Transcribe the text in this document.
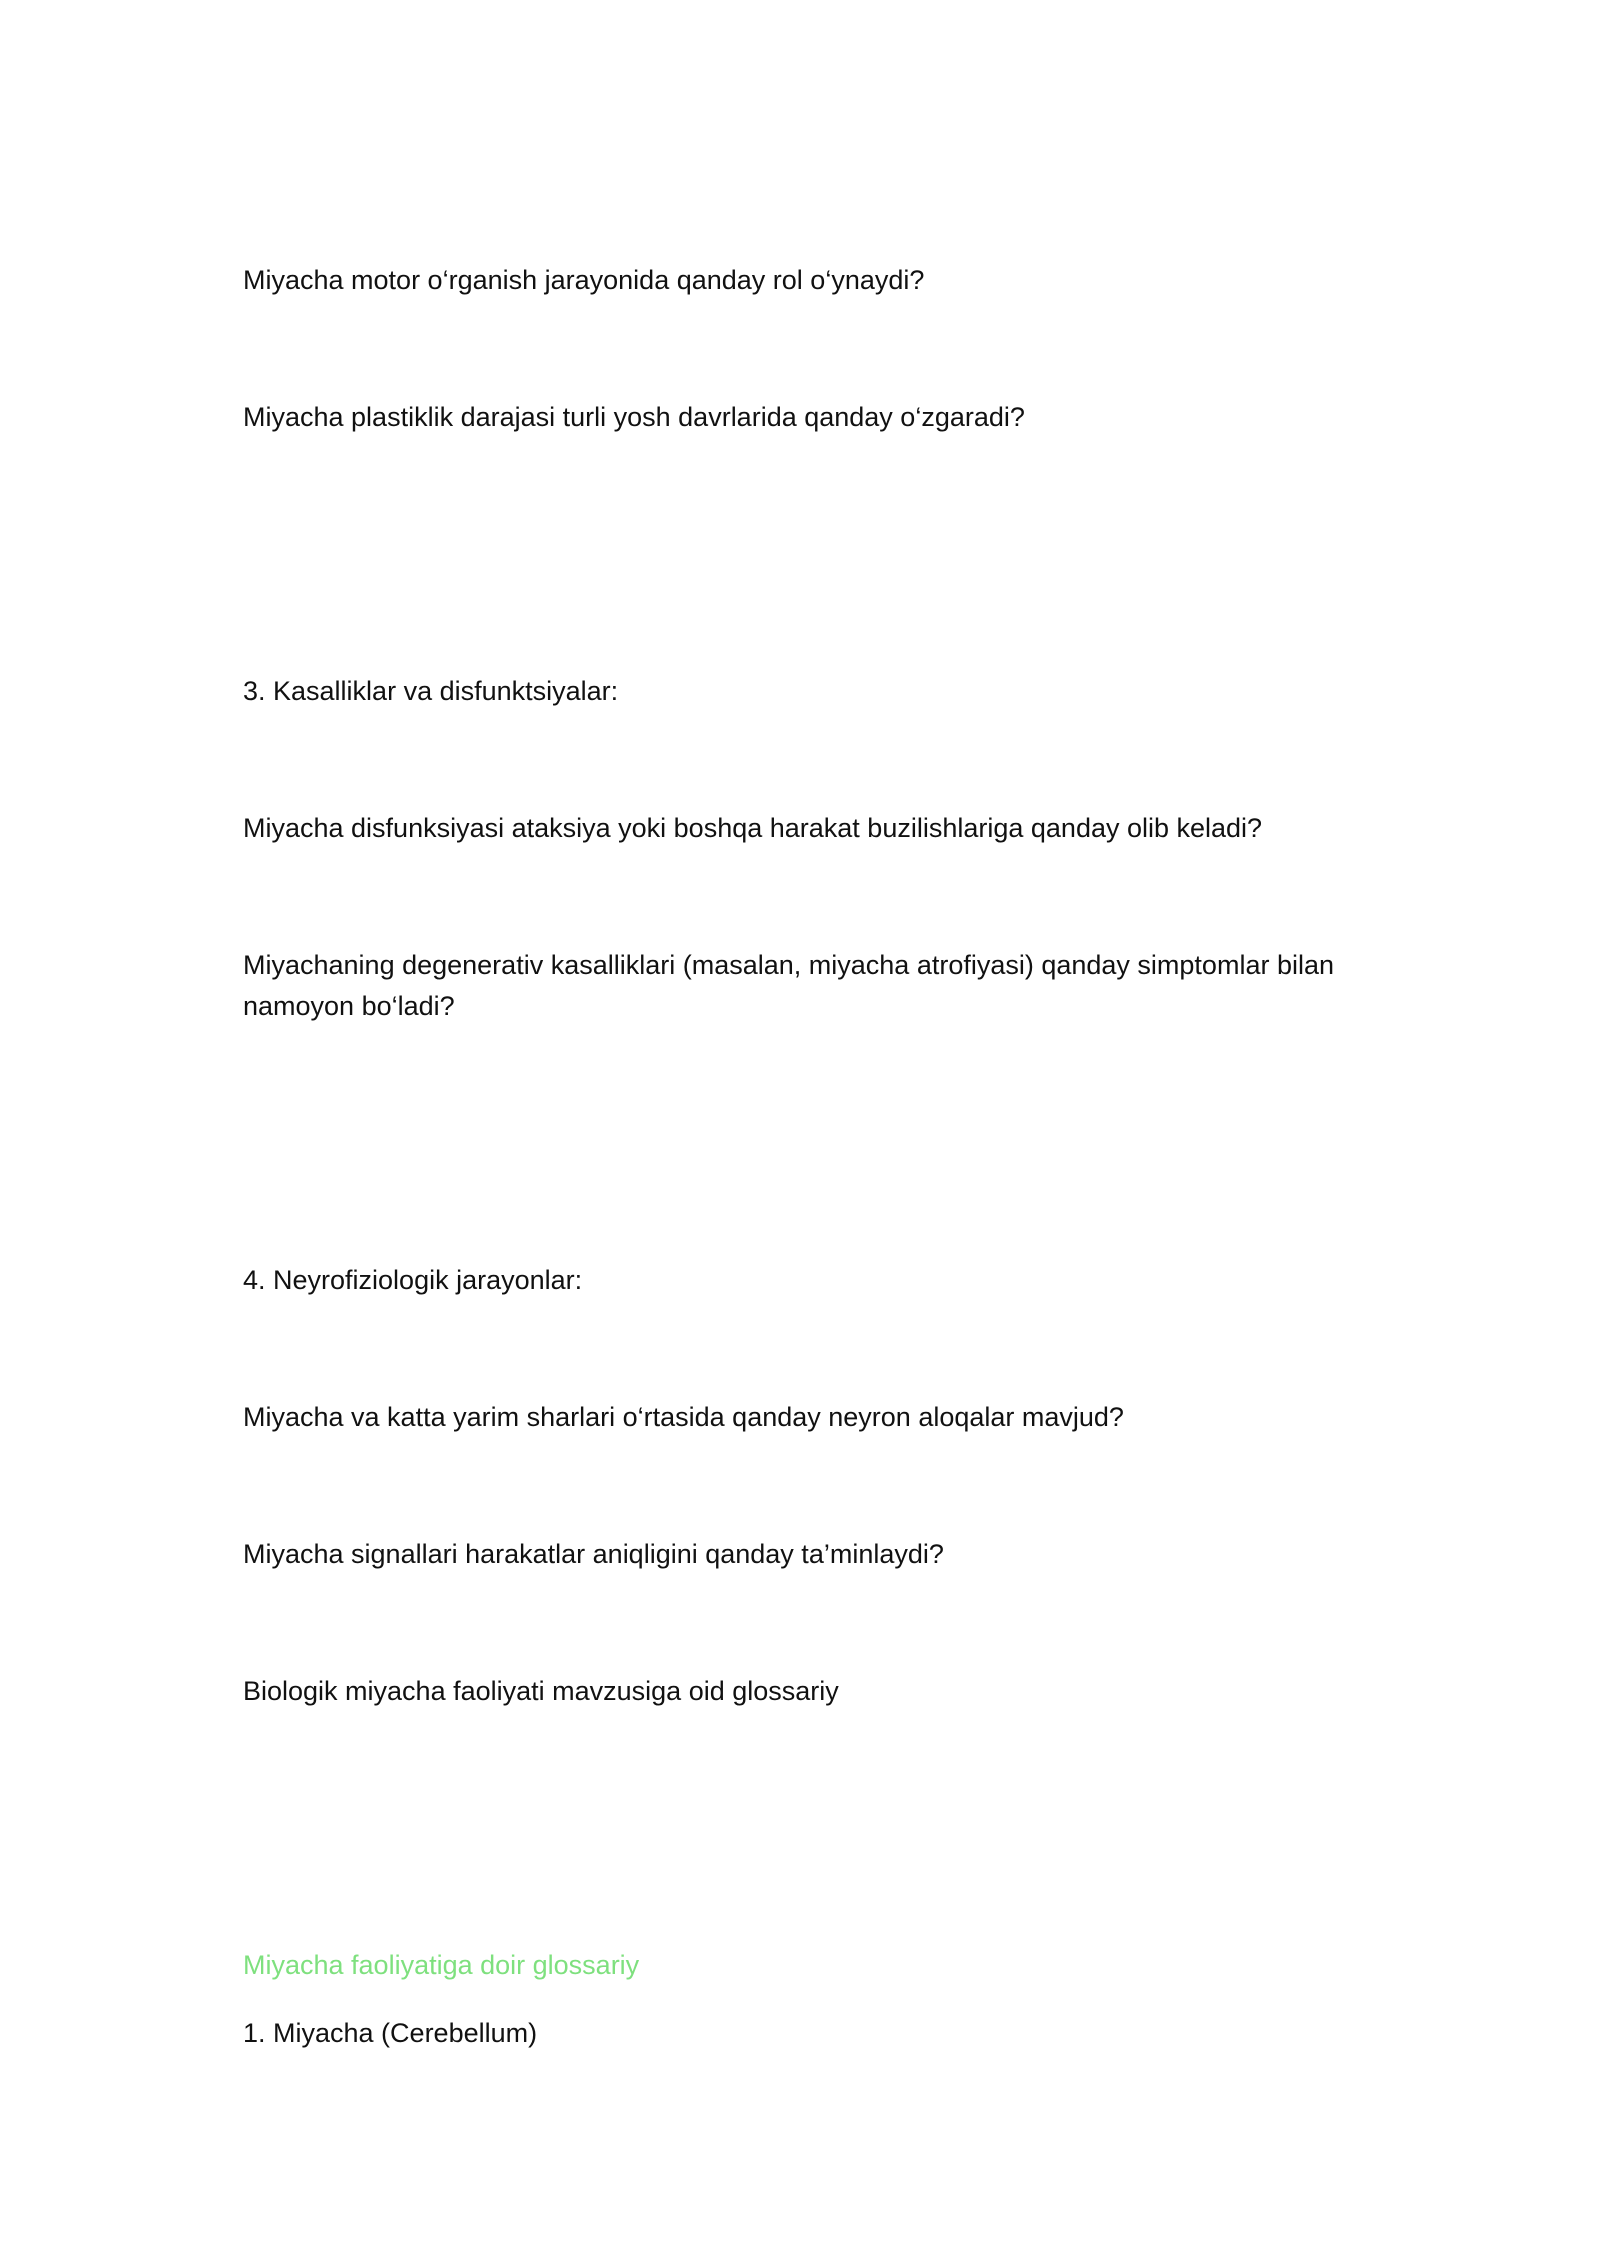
Miyacha motor o‘rganish jarayonida qanday rol o‘ynaydi?

Miyacha plastiklik darajasi turli yosh davrlarida qanday o‘zgaradi?

3. Kasalliklar va disfunktsiyalar:

Miyacha disfunksiyasi ataksiya yoki boshqa harakat buzilishlariga qanday olib keladi?

Miyachaning degenerativ kasalliklari (masalan, miyacha atrofiyasi) qanday simptomlar bilan namoyon bo‘ladi?

4. Neyrofiziologik jarayonlar:

Miyacha va katta yarim sharlari o‘rtasida qanday neyron aloqalar mavjud?

Miyacha signallari harakatlar aniqligini qanday ta’minlaydi?

Biologik miyacha faoliyati mavzusiga oid glossariy

Miyacha faoliyatiga doir glossariy

1. Miyacha (Cerebellum)
